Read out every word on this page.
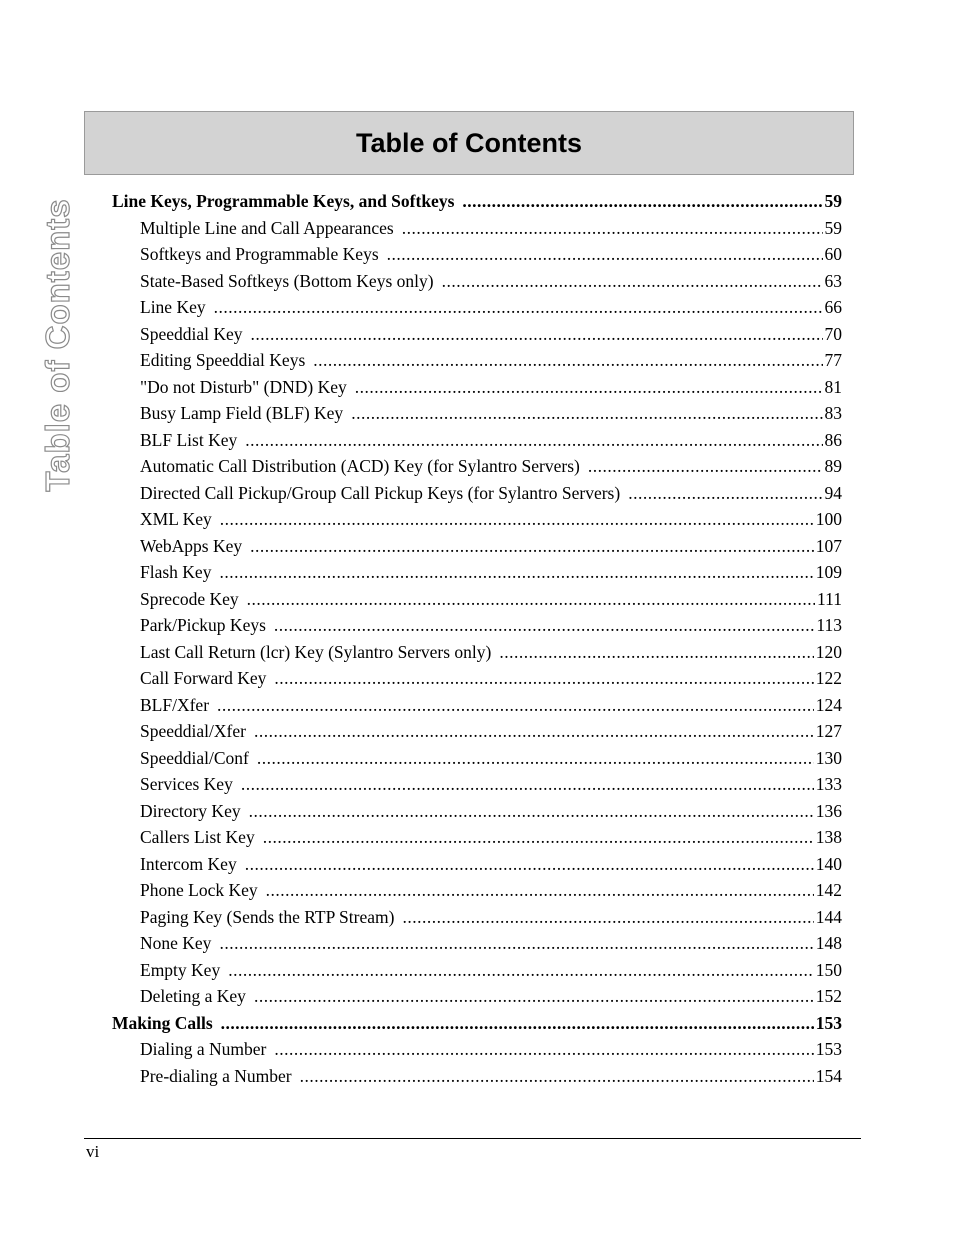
Table of Contents
Table of Contents
Line Keys, Programmable Keys, and Softkeys .....	59
Multiple Line and Call Appearances .....	59
Softkeys and Programmable Keys .....	60
State-Based Softkeys (Bottom Keys only) .....	63
Line Key .....	66
Speeddial Key .....	70
Editing Speeddial Keys .....	77
"Do not Disturb" (DND) Key .....	81
Busy Lamp Field (BLF) Key .....	83
BLF List Key .....	86
Automatic Call Distribution (ACD) Key (for Sylantro Servers) .....	89
Directed Call Pickup/Group Call Pickup Keys (for Sylantro Servers) .....	94
XML Key .....	100
WebApps Key .....	107
Flash Key .....	109
Sprecode Key .....	111
Park/Pickup Keys .....	113
Last Call Return (lcr) Key (Sylantro Servers only) .....	120
Call Forward Key .....	122
BLF/Xfer .....	124
Speeddial/Xfer .....	127
Speeddial/Conf .....	130
Services Key .....	133
Directory Key .....	136
Callers List Key .....	138
Intercom Key .....	140
Phone Lock Key .....	142
Paging Key (Sends the RTP Stream) .....	144
None Key .....	148
Empty Key .....	150
Deleting a Key .....	152
Making Calls .....	153
Dialing a Number .....	153
Pre-dialing a Number .....	154
vi
